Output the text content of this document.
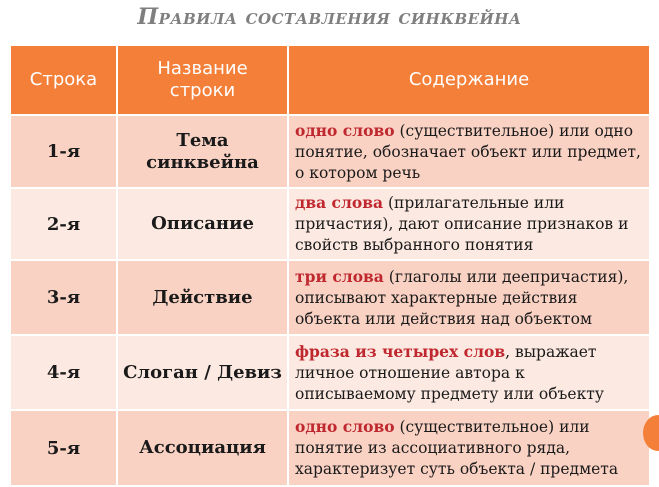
Правила составления синквейна
Строка	Название строки	Содержание
1-я	Тема синквейна	одно слово (существительное) или одно понятие, обозначает объект или предмет, о котором речь
2-я	Описание	два слова (прилагательные или причастия), дают описание признаков и свойств выбранного понятия
3-я	Действие	три слова (глаголы или деепричастия), описывают характерные действия объекта или действия над объектом
4-я	Слоган / Девиз	фраза из четырех слов, выражает личное отношение автора к описываемому предмету или объекту
5-я	Ассоциация	одно слово (существительное) или понятие из ассоциативного ряда, характеризует суть объекта / предмета
